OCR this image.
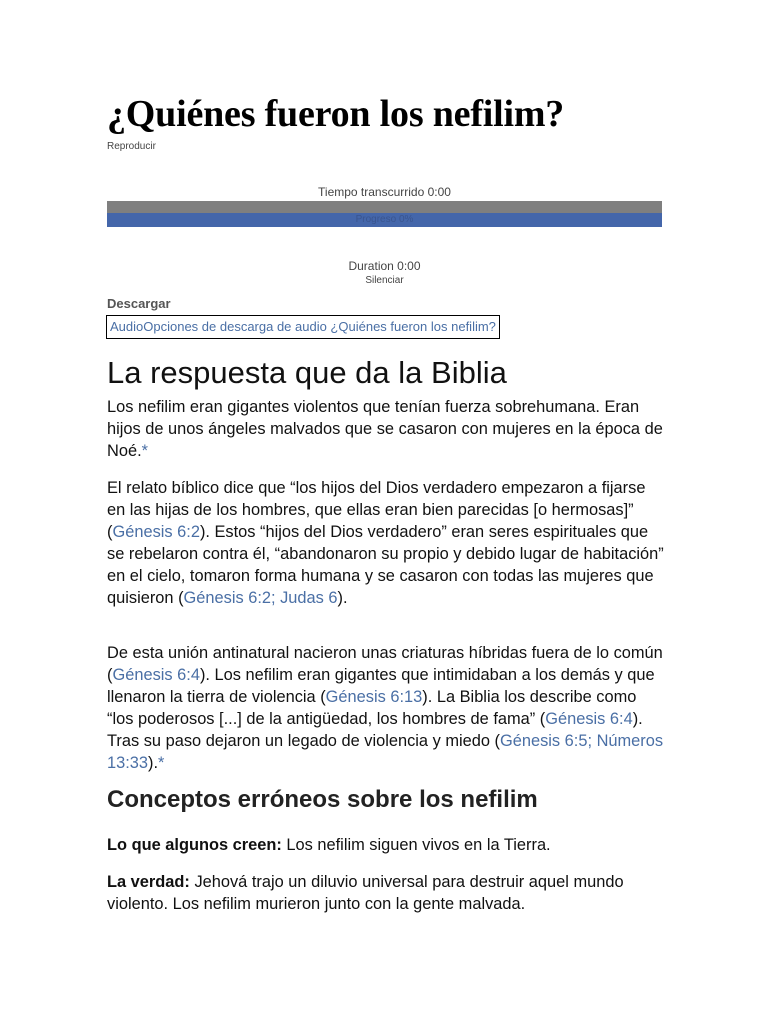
¿Quiénes fueron los nefilim?
Reproducir
Tiempo transcurrido 0:00
Progreso 0%
Duration 0:00
Silenciar
Descargar
AudioOpciones de descarga de audio ¿Quiénes fueron los nefilim?
La respuesta que da la Biblia

Los nefilim eran gigantes violentos que tenían fuerza sobrehumana. Eran hijos de unos ángeles malvados que se casaron con mujeres en la época de Noé.*

El relato bíblico dice que “los hijos del Dios verdadero empezaron a fijarse en las hijas de los hombres, que ellas eran bien parecidas [o hermosas]” (Génesis 6:2). Estos “hijos del Dios verdadero” eran seres espirituales que se rebelaron contra él, “abandonaron su propio y debido lugar de habitación” en el cielo, tomaron forma humana y se casaron con todas las mujeres que quisieron (Génesis 6:2; Judas 6).

De esta unión antinatural nacieron unas criaturas híbridas fuera de lo común (Génesis 6:4). Los nefilim eran gigantes que intimidaban a los demás y que llenaron la tierra de violencia (Génesis 6:13). La Biblia los describe como “los poderosos [...] de la antigüedad, los hombres de fama” (Génesis 6:4). Tras su paso dejaron un legado de violencia y miedo (Génesis 6:5; Números 13:33).*

Conceptos erróneos sobre los nefilim

Lo que algunos creen: Los nefilim siguen vivos en la Tierra.

La verdad: Jehová trajo un diluvio universal para destruir aquel mundo violento. Los nefilim murieron junto con la gente malvada.
